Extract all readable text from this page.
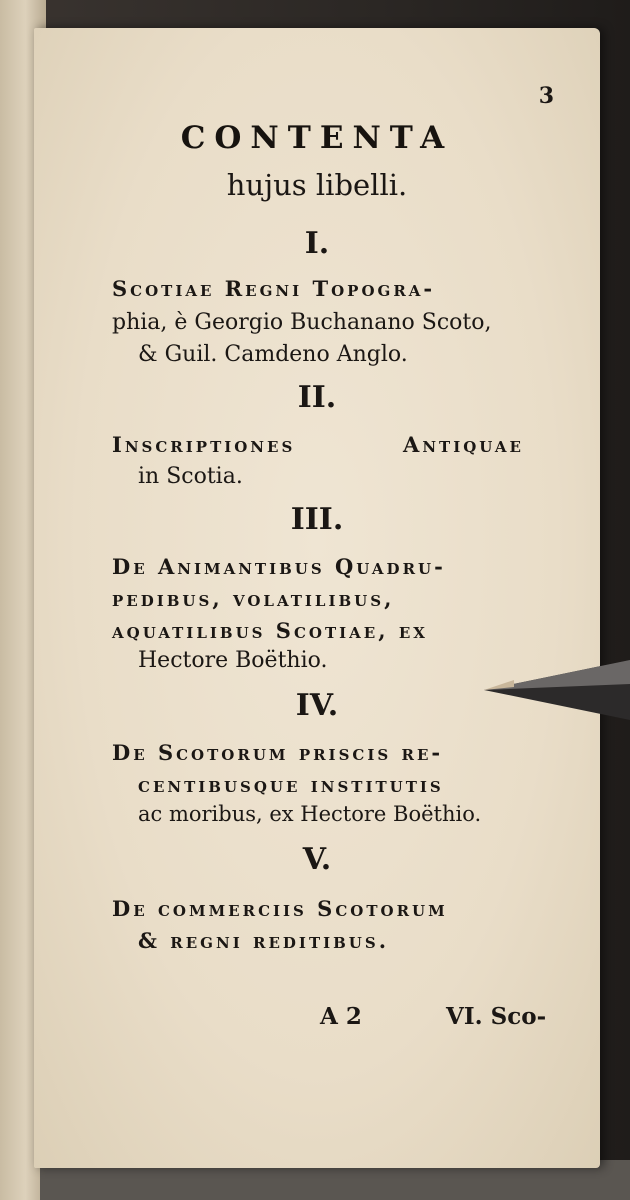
3
CONTENTA
hujus libelli.
I.
Scotiae Regni Topogra-
phia, è Georgio Buchanano Scoto,
& Guil. Camdeno Anglo.
II.
Inscriptiones	Antiquae
in Scotia.
III.
De Animantibus Quadru-
pedibus, volatilibus,
aquatilibus Scotiae, ex
Hectore Boëthio.
IV.
De Scotorum priscis re-
centibusque institutis
ac moribus, ex Hectore Boëthio.
V.
De commerciis Scotorum
& regni reditibus.
A 2	VI. Sco-
